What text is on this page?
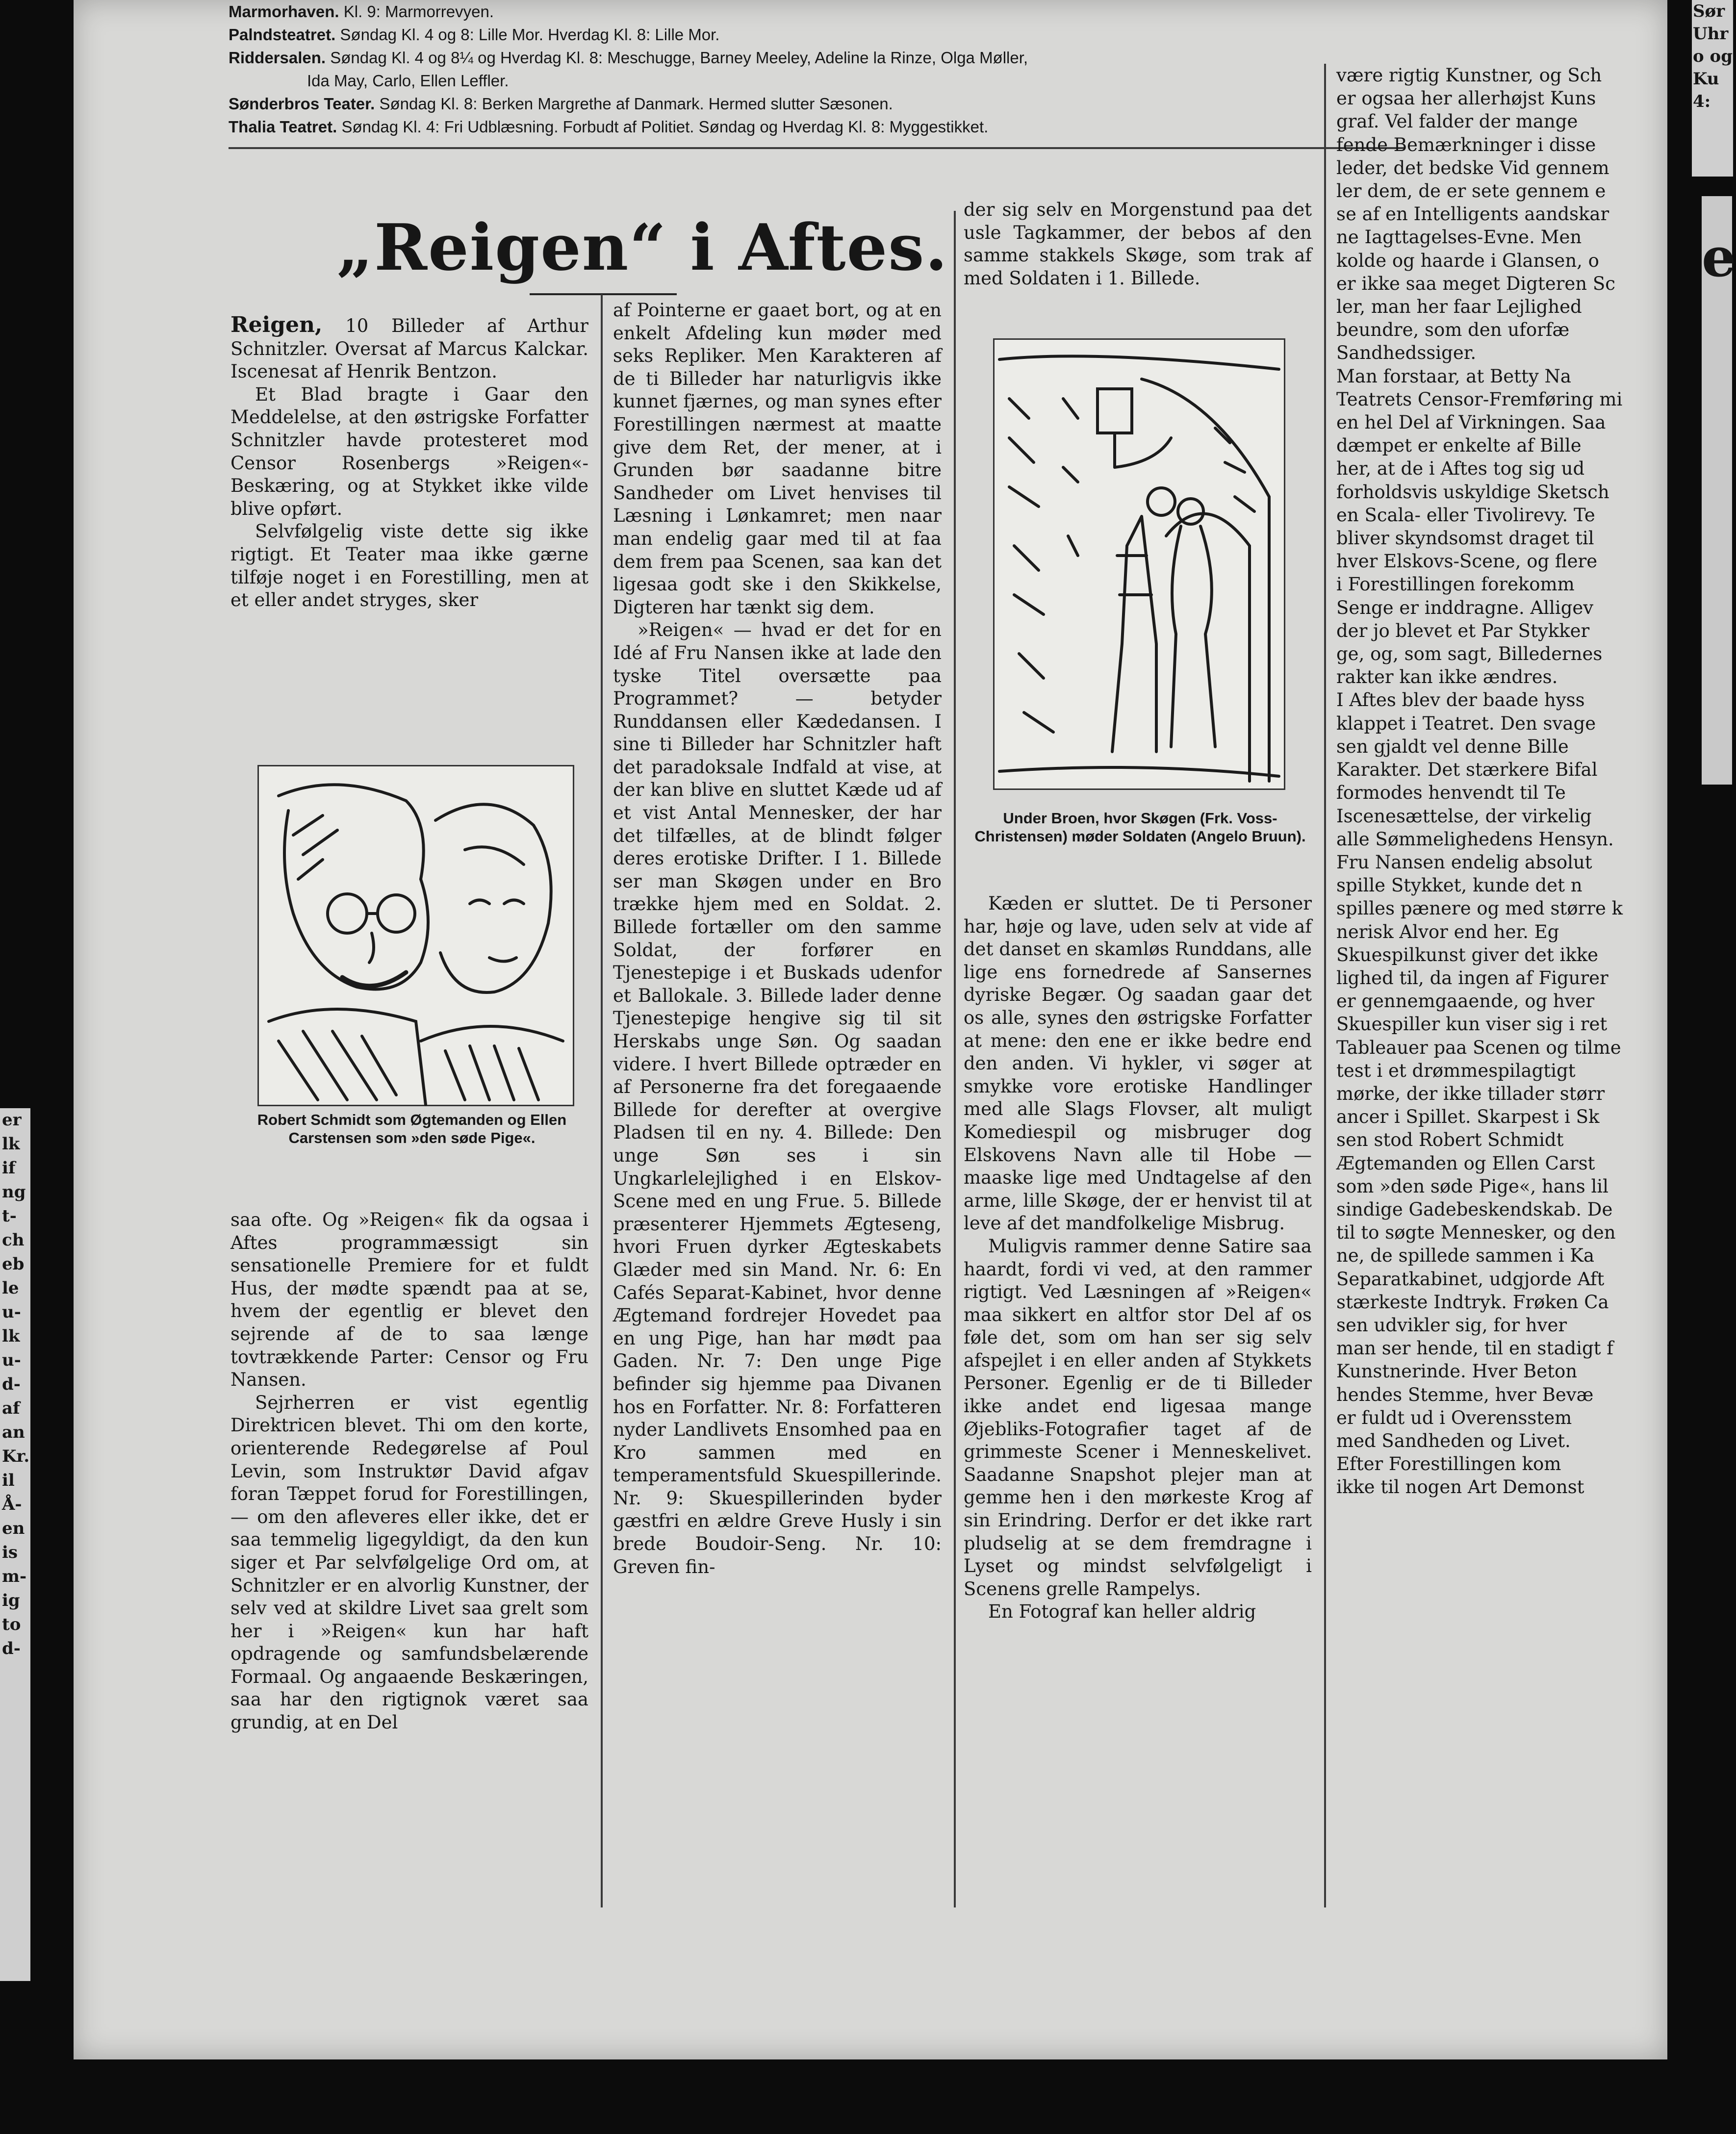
er
lk
if
ng
t-
ch
eb
le
u-
lk
u-
d-
af
an
Kr.
il
Å-
en
is
m-
ig
to
d-
Sør
Uhr
o og
Ku
4:
e
Marmorhaven. Kl. 9: Marmorrevyen.
Palndsteatret. Søndag Kl. 4 og 8: Lille Mor. Hverdag Kl. 8: Lille Mor.
Riddersalen. Søndag Kl. 4 og 8¼ og Hverdag Kl. 8: Meschugge, Barney Meeley, Adeline la Rinze, Olga Møller,
Ida May, Carlo, Ellen Leffler.
Sønderbros Teater. Søndag Kl. 8: Berken Margrethe af Danmark. Hermed slutter Sæsonen.
Thalia Teatret. Søndag Kl. 4: Fri Udblæsning. Forbudt af Politiet. Søndag og Hverdag Kl. 8: Myggestikket.
„Reigen“ i Aftes.

Reigen, 10 Billeder af Arthur Schnitzler. Oversat af Marcus Kalckar. Iscenesat af Henrik Bentzon.

Et Blad bragte i Gaar den Meddelelse, at den østrigske Forfatter Schnitzler havde protesteret mod Censor Rosenbergs »Reigen«-Beskæring, og at Stykket ikke vilde blive opført.

Selvfølgelig viste dette sig ikke rigtigt. Et Teater maa ikke gærne tilføje noget i en Forestilling, men at et eller andet stryges, sker

Robert Schmidt som Øgtemanden og Ellen Carstensen som »den søde Pige«.

saa ofte. Og »Reigen« fik da ogsaa i Aftes programmæssigt sin sensationelle Premiere for et fuldt Hus, der mødte spændt paa at se, hvem der egentlig er blevet den sejrende af de to saa længe tovtrækkende Parter: Censor og Fru Nansen.

Sejrherren er vist egentlig Direktricen blevet. Thi om den korte, orienterende Redegørelse af Poul Levin, som Instruktør David afgav foran Tæppet forud for Forestillingen, — om den afleveres eller ikke, det er saa temmelig ligegyldigt, da den kun siger et Par selvfølgelige Ord om, at Schnitzler er en alvorlig Kunstner, der selv ved at skildre Livet saa grelt som her i »Reigen« kun har haft opdragende og samfundsbelærende Formaal. Og angaaende Beskæringen, saa har den rigtignok været saa grundig, at en Del

af Pointerne er gaaet bort, og at en enkelt Afdeling kun møder med seks Repliker. Men Karakteren af de ti Billeder har naturligvis ikke kunnet fjærnes, og man synes efter Forestillingen nærmest at maatte give dem Ret, der mener, at i Grunden bør saadanne bitre Sandheder om Livet henvises til Læsning i Lønkamret; men naar man endelig gaar med til at faa dem frem paa Scenen, saa kan det ligesaa godt ske i den Skikkelse, Digteren har tænkt sig dem.

»Reigen« — hvad er det for en Idé af Fru Nansen ikke at lade den tyske Titel oversætte paa Programmet? — betyder Runddansen eller Kædedansen. I sine ti Billeder har Schnitzler haft det paradoksale Indfald at vise, at der kan blive en sluttet Kæde ud af et vist Antal Mennesker, der har det tilfælles, at de blindt følger deres erotiske Drifter. I 1. Billede ser man Skøgen under en Bro trække hjem med en Soldat. 2. Billede fortæller om den samme Soldat, der forfører en Tjenestepige i et Buskads udenfor et Ballokale. 3. Billede lader denne Tjenestepige hengive sig til sit Herskabs unge Søn. Og saadan videre. I hvert Billede optræder en af Personerne fra det foregaaende Billede for derefter at overgive Pladsen til en ny. 4. Billede: Den unge Søn ses i sin Ungkarlelejlighed i en Elskov-Scene med en ung Frue. 5. Billede præsenterer Hjemmets Ægteseng, hvori Fruen dyrker Ægteskabets Glæder med sin Mand. Nr. 6: En Cafés Separat-Kabinet, hvor denne Ægtemand fordrejer Hovedet paa en ung Pige, han har mødt paa Gaden. Nr. 7: Den unge Pige befinder sig hjemme paa Divanen hos en Forfatter. Nr. 8: Forfatteren nyder Landlivets Ensomhed paa en Kro sammen med en temperamentsfuld Skuespillerinde. Nr. 9: Skuespillerinden byder gæstfri en ældre Greve Husly i sin brede Boudoir-Seng. Nr. 10: Greven fin-

der sig selv en Morgenstund paa det usle Tagkammer, der bebos af den samme stakkels Skøge, som trak af med Soldaten i 1. Billede.

Under Broen, hvor Skøgen (Frk. Voss-Christensen) møder Soldaten (Angelo Bruun).

Kæden er sluttet. De ti Personer har, høje og lave, uden selv at vide af det danset en skamløs Runddans, alle lige ens fornedrede af Sansernes dyriske Begær. Og saadan gaar det os alle, synes den østrigske Forfatter at mene: den ene er ikke bedre end den anden. Vi hykler, vi søger at smykke vore erotiske Handlinger med alle Slags Flovser, alt muligt Komediespil og misbruger dog Elskovens Navn alle til Hobe — maaske lige med Undtagelse af den arme, lille Skøge, der er henvist til at leve af det mandfolkelige Misbrug.

Muligvis rammer denne Satire saa haardt, fordi vi ved, at den rammer rigtigt. Ved Læsningen af »Reigen« maa sikkert en altfor stor Del af os føle det, som om han ser sig selv afspejlet i en eller anden af Stykkets Personer. Egenlig er de ti Billeder ikke andet end ligesaa mange Øjebliks-Fotografier taget af de grimmeste Scener i Menneskelivet. Saadanne Snapshot plejer man at gemme hen i den mørkeste Krog af sin Erindring. Derfor er det ikke rart pludselig at se dem fremdragne i Lyset og mindst selvfølgeligt i Scenens grelle Rampelys.

En Fotograf kan heller aldrig

være rigtig Kunstner, og Sch
er ogsaa her allerhøjst Kuns
graf. Vel falder der mange
fende Bemærkninger i disse
leder, det bedske Vid gennem
ler dem, de er sete gennem e
se af en Intelligents aandskar
ne Iagttagelses-Evne. Men
kolde og haarde i Glansen, o
er ikke saa meget Digteren Sc
ler, man her faar Lejlighed
beundre, som den uforfæ
Sandhedssiger.
Man forstaar, at Betty Na
Teatrets Censor-Fremføring mi
en hel Del af Virkningen. Saa
dæmpet er enkelte af Bille
her, at de i Aftes tog sig ud
forholdsvis uskyldige Sketsch
en Scala- eller Tivolirevy. Te
bliver skyndsomst draget til
hver Elskovs-Scene, og flere
i Forestillingen forekomm
Senge er inddragne. Alligev
der jo blevet et Par Stykker
ge, og, som sagt, Billedernes
rakter kan ikke ændres.
I Aftes blev der baade hyss
klappet i Teatret. Den svage
sen gjaldt vel denne Bille
Karakter. Det stærkere Bifal
formodes henvendt til Te
Iscenesættelse, der virkelig
alle Sømmelighedens Hensyn.
Fru Nansen endelig absolut
spille Stykket, kunde det n
spilles pænere og med større k
nerisk Alvor end her. Eg
Skuespilkunst giver det ikke
lighed til, da ingen af Figurer
er gennemgaaende, og hver
Skuespiller kun viser sig i ret
Tableauer paa Scenen og tilme
test i et drømmespilagtigt
mørke, der ikke tillader størr
ancer i Spillet. Skarpest i Sk
sen stod Robert Schmidt
Ægtemanden og Ellen Carst
som »den søde Pige«, hans lil
sindige Gadebeskendskab. De
til to søgte Mennesker, og den
ne, de spillede sammen i Ka
Separatkabinet, udgjorde Aft
stærkeste Indtryk. Frøken Ca
sen udvikler sig, for hver
man ser hende, til en stadigt f
Kunstnerinde. Hver Beton
hendes Stemme, hver Bevæ
er fuldt ud i Overensstem
med Sandheden og Livet.
Efter Forestillingen kom
ikke til nogen Art Demonst
